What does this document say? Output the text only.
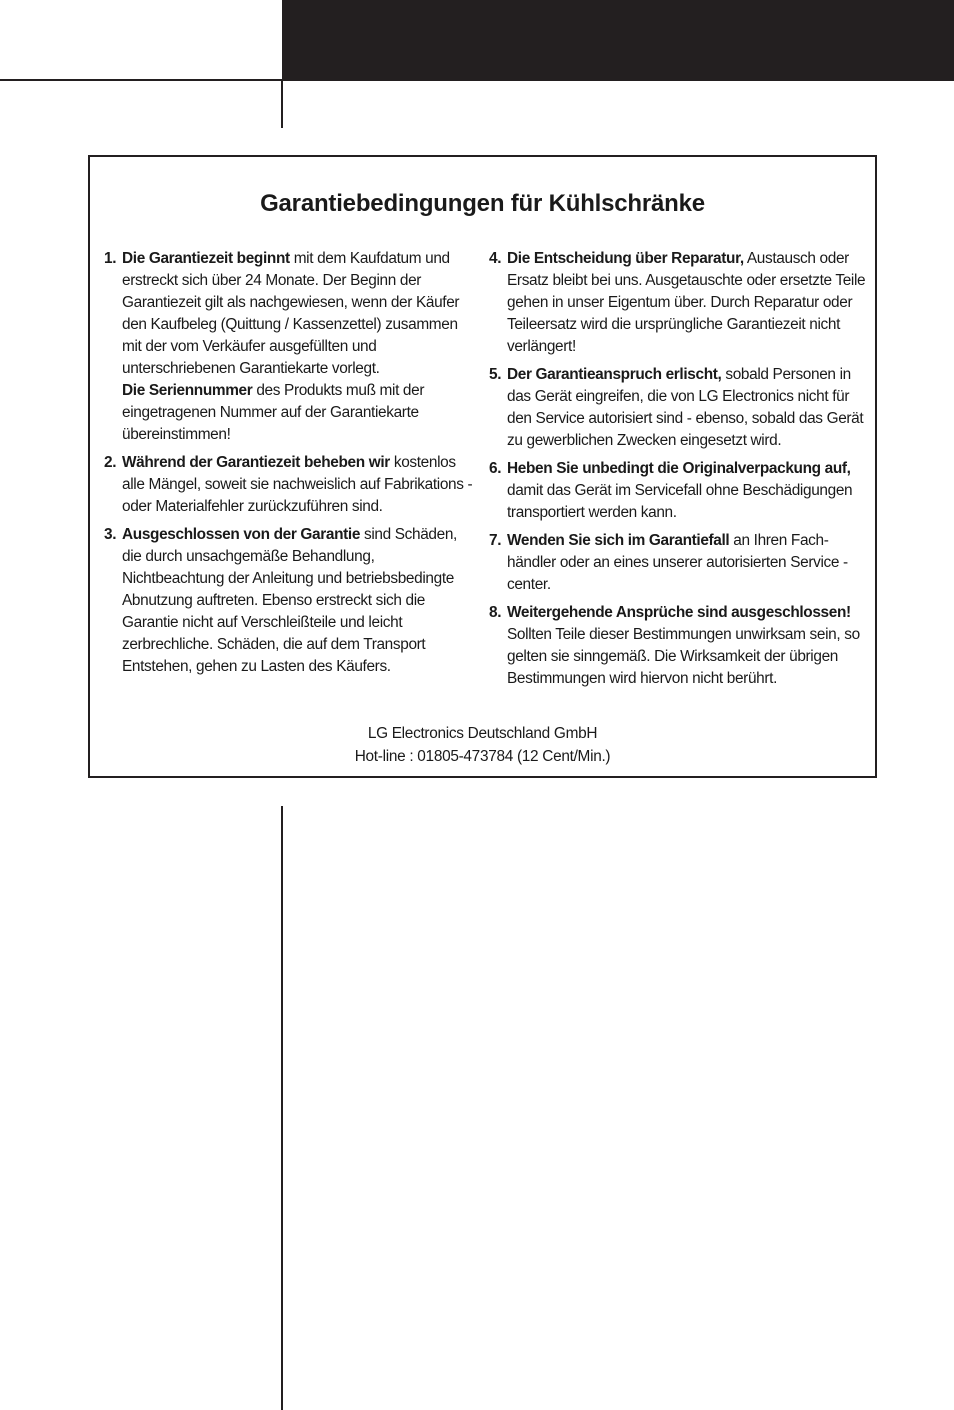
Garantiebedingungen für Kühlschränke
1. Die Garantiezeit beginnt mit dem Kaufdatum und erstreckt sich über 24 Monate. Der Beginn der Garantiezeit gilt als nachgewiesen, wenn der Käufer den Kaufbeleg (Quittung / Kassenzettel) zusammen mit der vom Verkäufer ausgefüllten und unterschriebenen Garantiekarte vorlegt.

Die Seriennummer des Produkts muß mit der eingetragenen Nummer auf der Garantiekarte übereinstimmen!

2. Während der Garantiezeit beheben wir kostenlos alle Mängel, soweit sie nachweislich auf Fabrikations - oder Materialfehler zurückzuführen sind.

3. Ausgeschlossen von der Garantie sind Schäden, die durch unsachgemäße Behandlung, Nichtbeachtung der Anleitung und betriebsbedingte Abnutzung auftreten. Ebenso erstreckt sich die Garantie nicht auf Verschleißteile und leicht zerbrechliche. Schäden, die auf dem Transport Entstehen, gehen zu Lasten des Käufers.

4. Die Entscheidung über Reparatur, Austausch oder Ersatz bleibt bei uns. Ausgetauschte oder ersetzte Teile gehen in unser Eigentum über. Durch Reparatur oder Teileersatz wird die ursprüngliche Garantiezeit nicht verlängert!

5. Der Garantieanspruch erlischt, sobald Personen in das Gerät eingreifen, die von LG Electronics nicht für den Service autorisiert sind - ebenso, sobald das Gerät zu gewerblichen Zwecken eingesetzt wird.

6. Heben Sie unbedingt die Originalverpackung auf, damit das Gerät im Servicefall ohne Beschädigungen transportiert werden kann.

7. Wenden Sie sich im Garantiefall an Ihren Fach-händler oder an eines unserer autorisierten Service - center.

8. Weitergehende Ansprüche sind ausgeschlossen! Sollten Teile dieser Bestimmungen unwirksam sein, so gelten sie sinngemäß. Die Wirksamkeit der übrigen Bestimmungen wird hiervon nicht berührt.

LG Electronics Deutschland GmbH
Hot-line : 01805-473784 (12 Cent/Min.)
